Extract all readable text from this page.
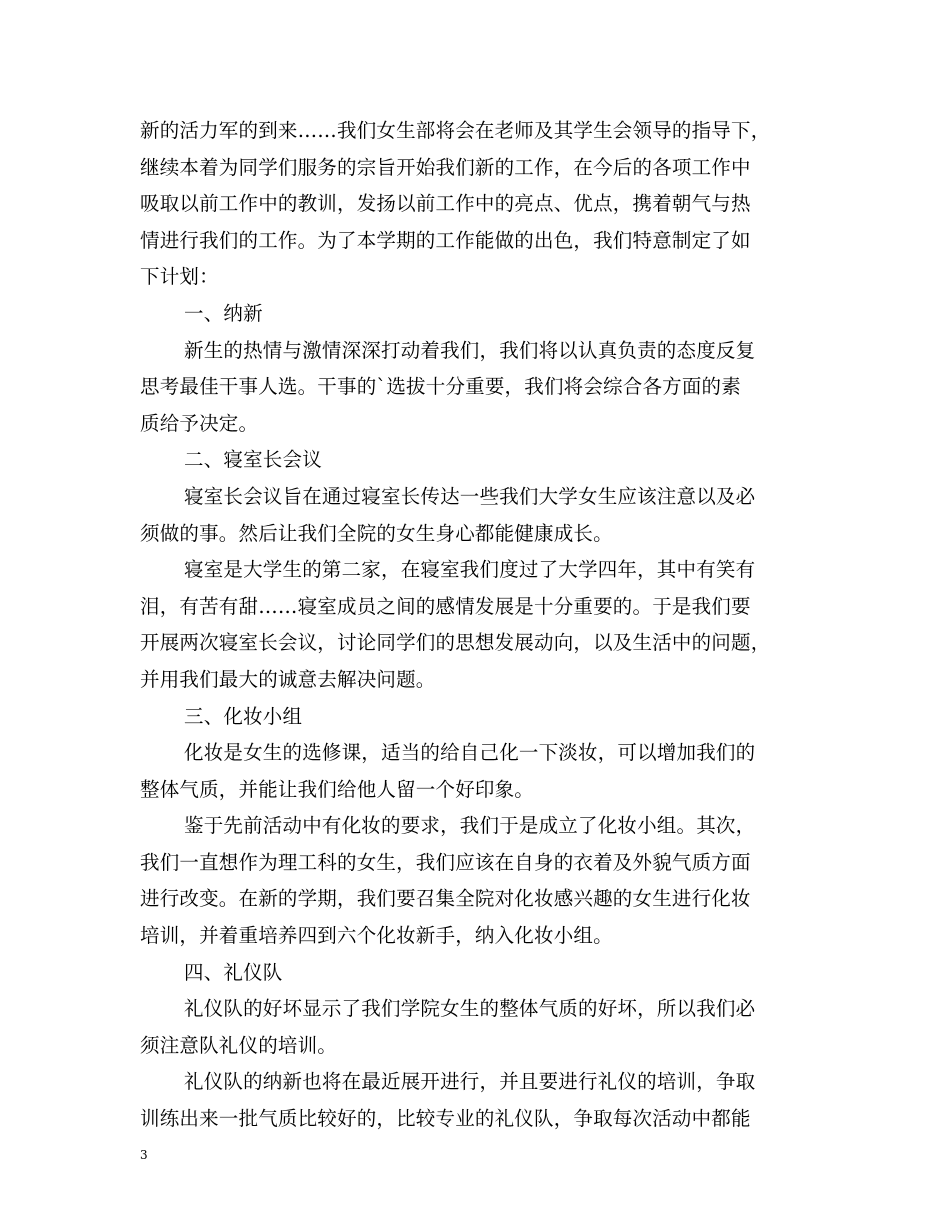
新的活力军的到来……我们女生部将会在老师及其学生会领导的指导下，
继续本着为同学们服务的宗旨开始我们新的工作，在今后的各项工作中
吸取以前工作中的教训，发扬以前工作中的亮点、优点，携着朝气与热
情进行我们的工作。为了本学期的工作能做的出色，我们特意制定了如
下计划：
一、纳新
新生的热情与激情深深打动着我们，我们将以认真负责的态度反复
思考最佳干事人选。干事的`选拔十分重要，我们将会综合各方面的素
质给予决定。
二、寝室长会议
寝室长会议旨在通过寝室长传达一些我们大学女生应该注意以及必
须做的事。然后让我们全院的女生身心都能健康成长。
寝室是大学生的第二家，在寝室我们度过了大学四年，其中有笑有
泪，有苦有甜……寝室成员之间的感情发展是十分重要的。于是我们要
开展两次寝室长会议，讨论同学们的思想发展动向，以及生活中的问题，
并用我们最大的诚意去解决问题。
三、化妆小组
化妆是女生的选修课，适当的给自己化一下淡妆，可以增加我们的
整体气质，并能让我们给他人留一个好印象。
鉴于先前活动中有化妆的要求，我们于是成立了化妆小组。其次，
我们一直想作为理工科的女生，我们应该在自身的衣着及外貌气质方面
进行改变。在新的学期，我们要召集全院对化妆感兴趣的女生进行化妆
培训，并着重培养四到六个化妆新手，纳入化妆小组。
四、礼仪队
礼仪队的好坏显示了我们学院女生的整体气质的好坏，所以我们必
须注意队礼仪的培训。
礼仪队的纳新也将在最近展开进行，并且要进行礼仪的培训，争取
训练出来一批气质比较好的，比较专业的礼仪队，争取每次活动中都能
3
